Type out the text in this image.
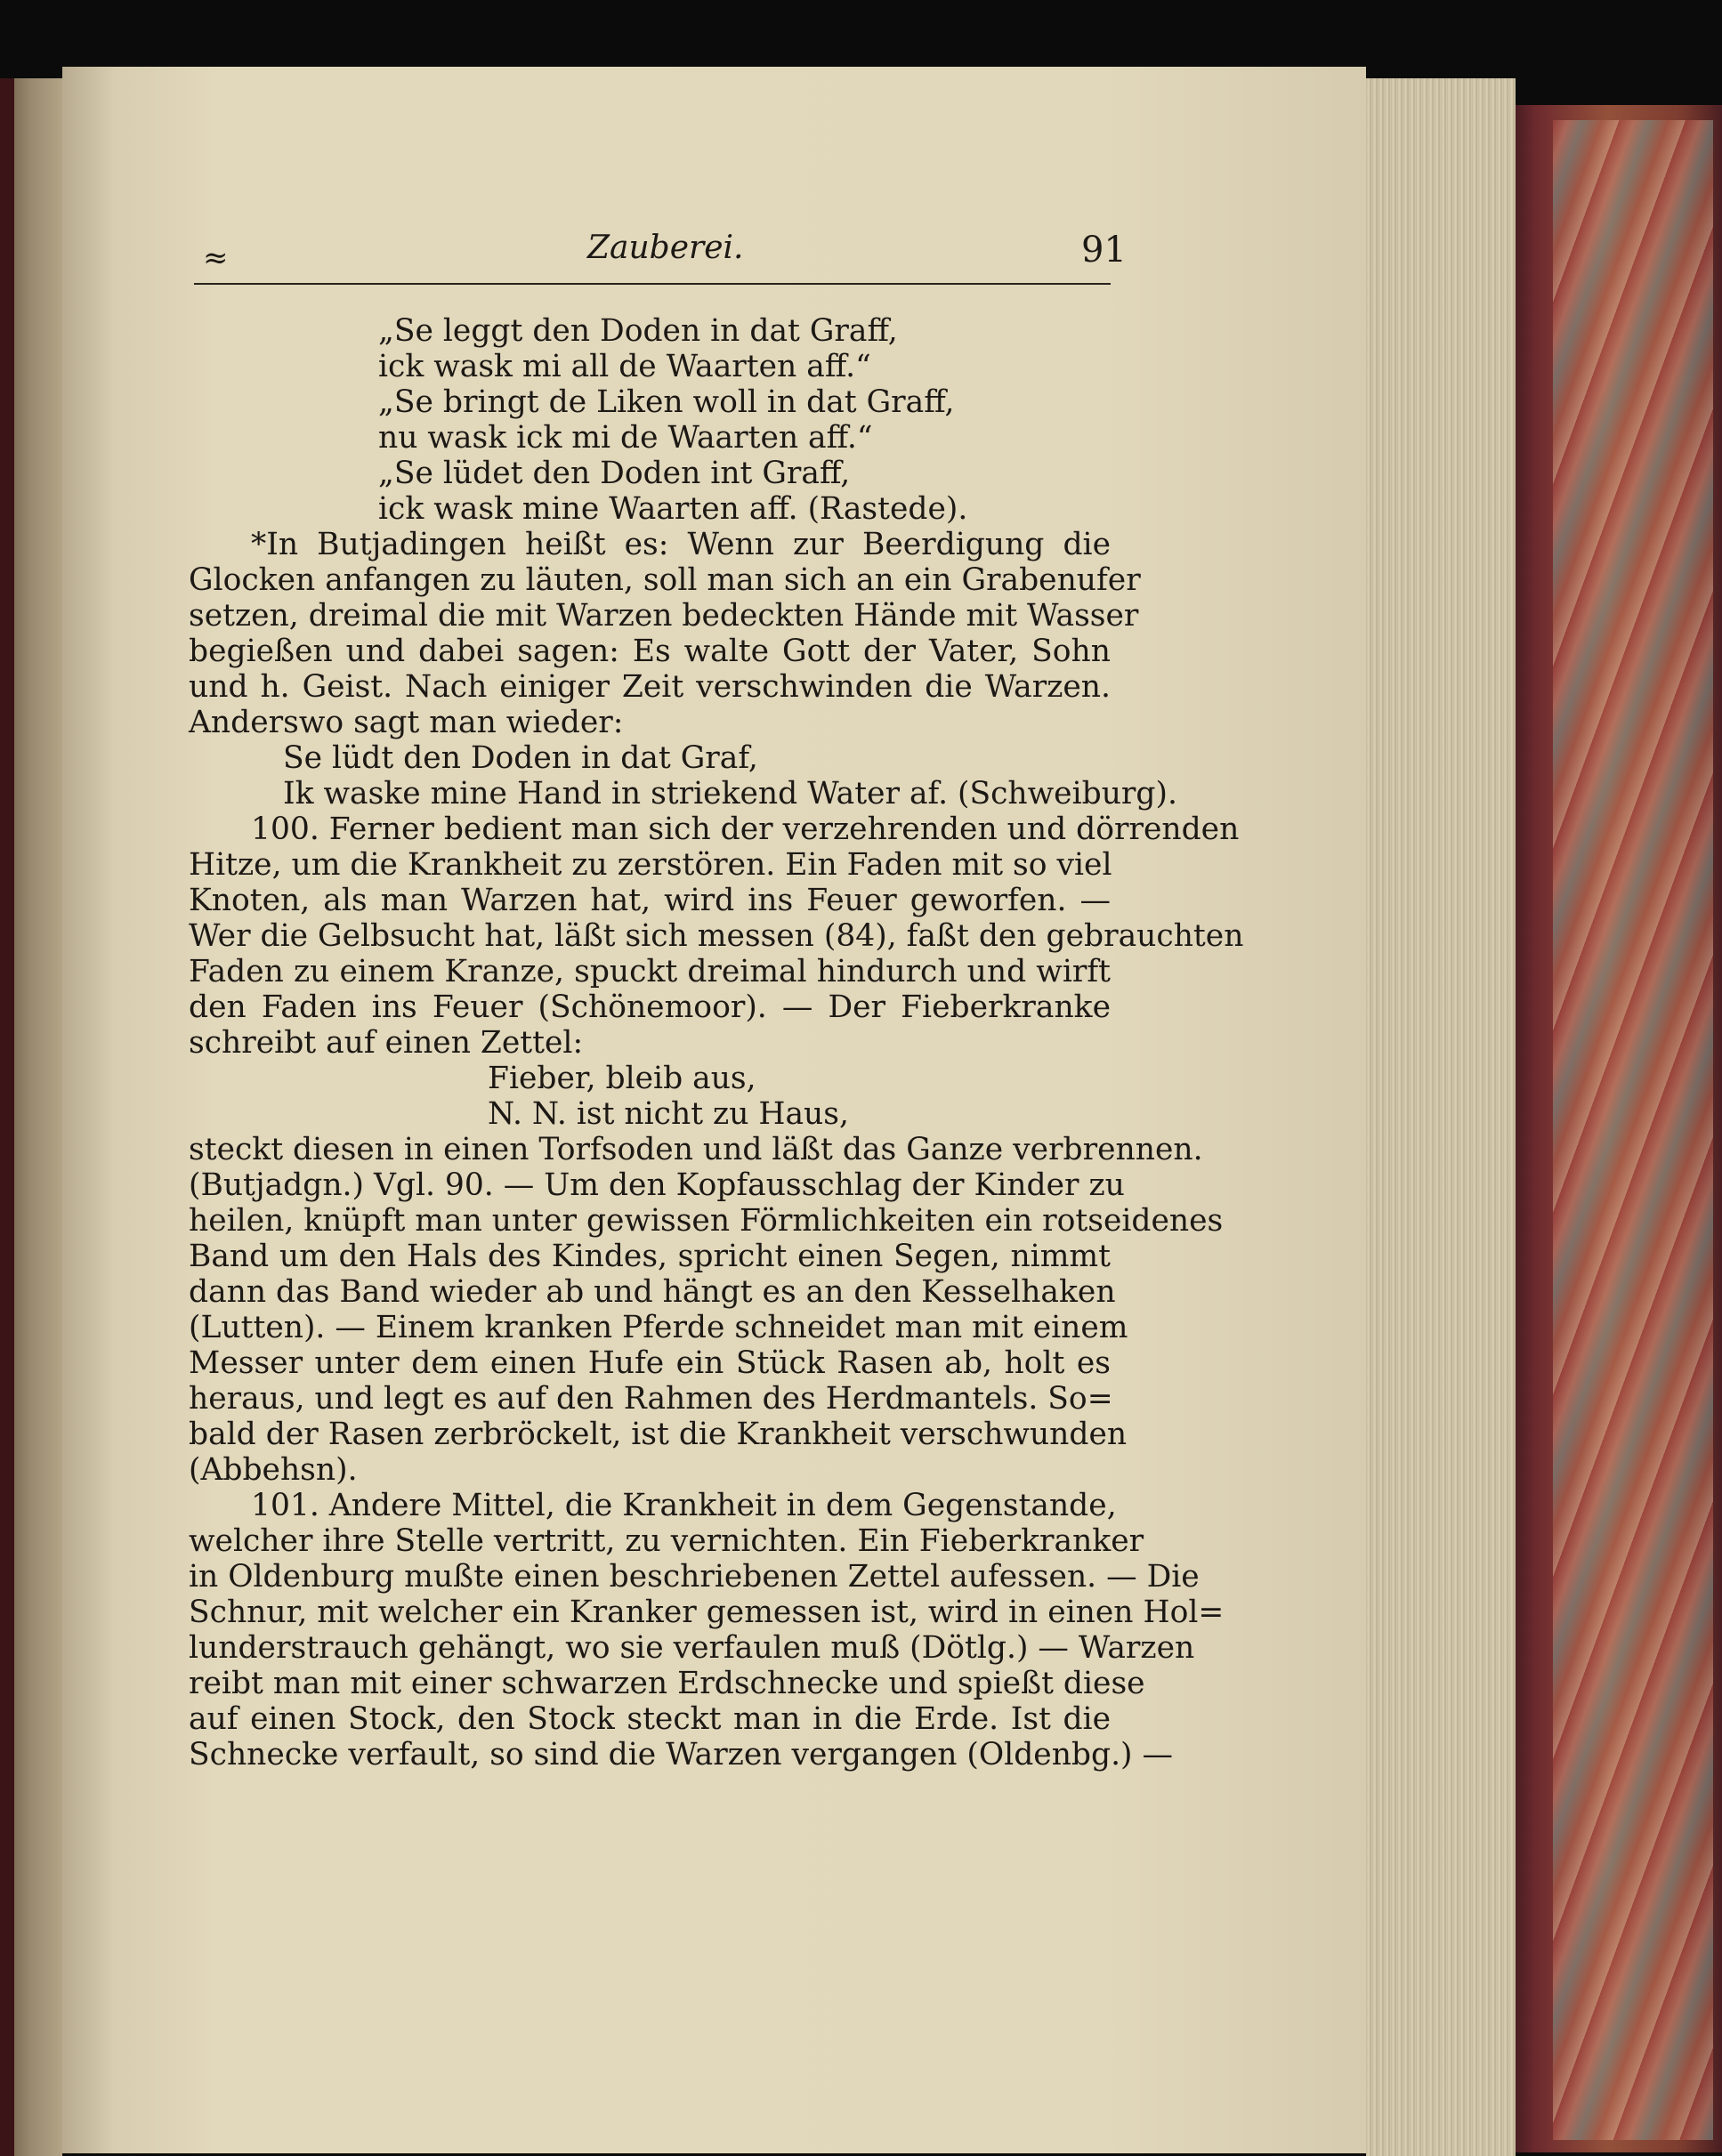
≈	Zauberei.	91
„Se leggt den Doden in dat Graff,
ick wask mi all de Waarten aff.“
„Se bringt de Liken woll in dat Graff,
nu wask ick mi de Waarten aff.“
„Se lüdet den Doden int Graff,
ick wask mine Waarten aff. (Rastede).
*In Butjadingen heißt es: Wenn zur Beerdigung die
Glocken anfangen zu läuten, soll man sich an ein Grabenufer
setzen, dreimal die mit Warzen bedeckten Hände mit Wasser
begießen und dabei sagen: Es walte Gott der Vater, Sohn
und h. Geist. Nach einiger Zeit verschwinden die Warzen.
Anderswo sagt man wieder:
Se lüdt den Doden in dat Graf,
Ik waske mine Hand in striekend Water af. (Schweiburg).
100. Ferner bedient man sich der verzehrenden und dörrenden
Hitze, um die Krankheit zu zerstören. Ein Faden mit so viel
Knoten, als man Warzen hat, wird ins Feuer geworfen. —
Wer die Gelbsucht hat, läßt sich messen (84), faßt den gebrauchten
Faden zu einem Kranze, spuckt dreimal hindurch und wirft
den Faden ins Feuer (Schönemoor). — Der Fieberkranke
schreibt auf einen Zettel:
Fieber, bleib aus,
N. N. ist nicht zu Haus,
steckt diesen in einen Torfsoden und läßt das Ganze verbrennen.
(Butjadgn.) Vgl. 90. — Um den Kopfausschlag der Kinder zu
heilen, knüpft man unter gewissen Förmlichkeiten ein rotseidenes
Band um den Hals des Kindes, spricht einen Segen, nimmt
dann das Band wieder ab und hängt es an den Kesselhaken
(Lutten). — Einem kranken Pferde schneidet man mit einem
Messer unter dem einen Hufe ein Stück Rasen ab, holt es
heraus, und legt es auf den Rahmen des Herdmantels. So=
bald der Rasen zerbröckelt, ist die Krankheit verschwunden
(Abbehsn).
101. Andere Mittel, die Krankheit in dem Gegenstande,
welcher ihre Stelle vertritt, zu vernichten. Ein Fieberkranker
in Oldenburg mußte einen beschriebenen Zettel aufessen. — Die
Schnur, mit welcher ein Kranker gemessen ist, wird in einen Hol=
lunderstrauch gehängt, wo sie verfaulen muß (Dötlg.) — Warzen
reibt man mit einer schwarzen Erdschnecke und spießt diese
auf einen Stock, den Stock steckt man in die Erde. Ist die
Schnecke verfault, so sind die Warzen vergangen (Oldenbg.) —
